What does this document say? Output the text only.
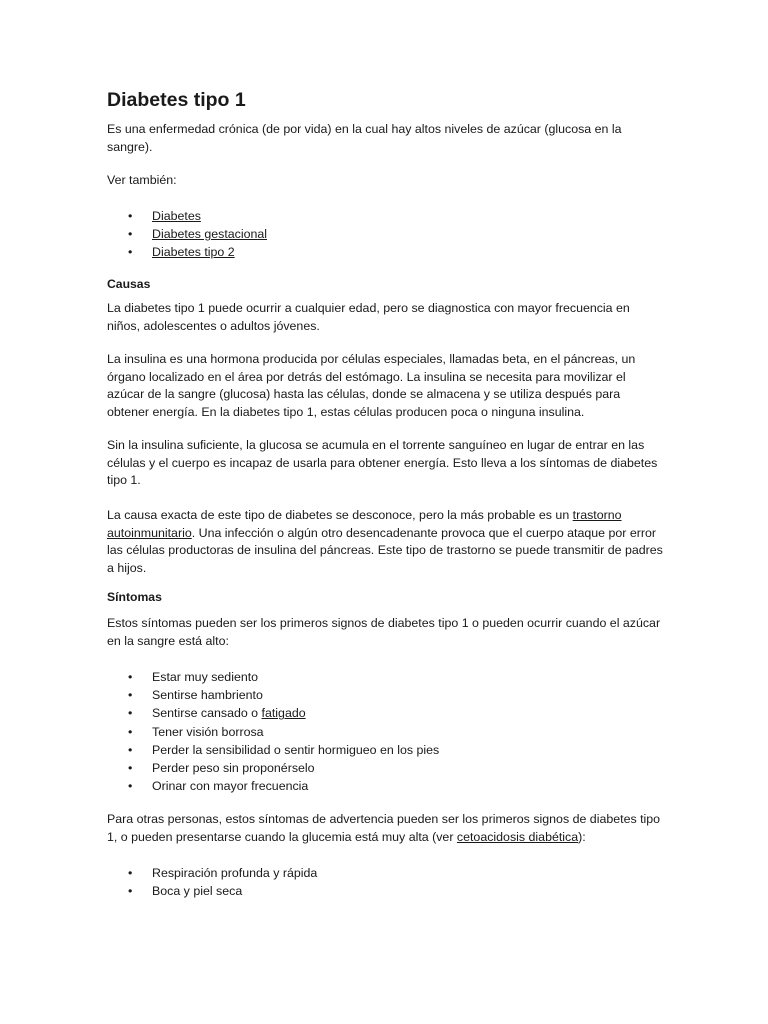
Diabetes tipo 1

Es una enfermedad crónica (de por vida) en la cual hay altos niveles de azúcar (glucosa en la sangre).

Ver también:

• Diabetes
• Diabetes gestacional
• Diabetes tipo 2
Causas

La diabetes tipo 1 puede ocurrir a cualquier edad, pero se diagnostica con mayor frecuencia en niños, adolescentes o adultos jóvenes.

La insulina es una hormona producida por células especiales, llamadas beta, en el páncreas, un órgano localizado en el área por detrás del estómago. La insulina se necesita para movilizar el azúcar de la sangre (glucosa) hasta las células, donde se almacena y se utiliza después para obtener energía. En la diabetes tipo 1, estas células producen poca o ninguna insulina.

Sin la insulina suficiente, la glucosa se acumula en el torrente sanguíneo en lugar de entrar en las células y el cuerpo es incapaz de usarla para obtener energía. Esto lleva a los síntomas de diabetes tipo 1.

La causa exacta de este tipo de diabetes se desconoce, pero la más probable es un trastorno autoinmunitario. Una infección o algún otro desencadenante provoca que el cuerpo ataque por error las células productoras de insulina del páncreas. Este tipo de trastorno se puede transmitir de padres a hijos.

Síntomas

Estos síntomas pueden ser los primeros signos de diabetes tipo 1 o pueden ocurrir cuando el azúcar en la sangre está alto:

• Estar muy sediento
• Sentirse hambriento
• Sentirse cansado o fatigado
• Tener visión borrosa
• Perder la sensibilidad o sentir hormigueo en los pies
• Perder peso sin proponérselo
• Orinar con mayor frecuencia

Para otras personas, estos síntomas de advertencia pueden ser los primeros signos de diabetes tipo 1, o pueden presentarse cuando la glucemia está muy alta (ver cetoacidosis diabética):

• Respiración profunda y rápida
• Boca y piel seca
